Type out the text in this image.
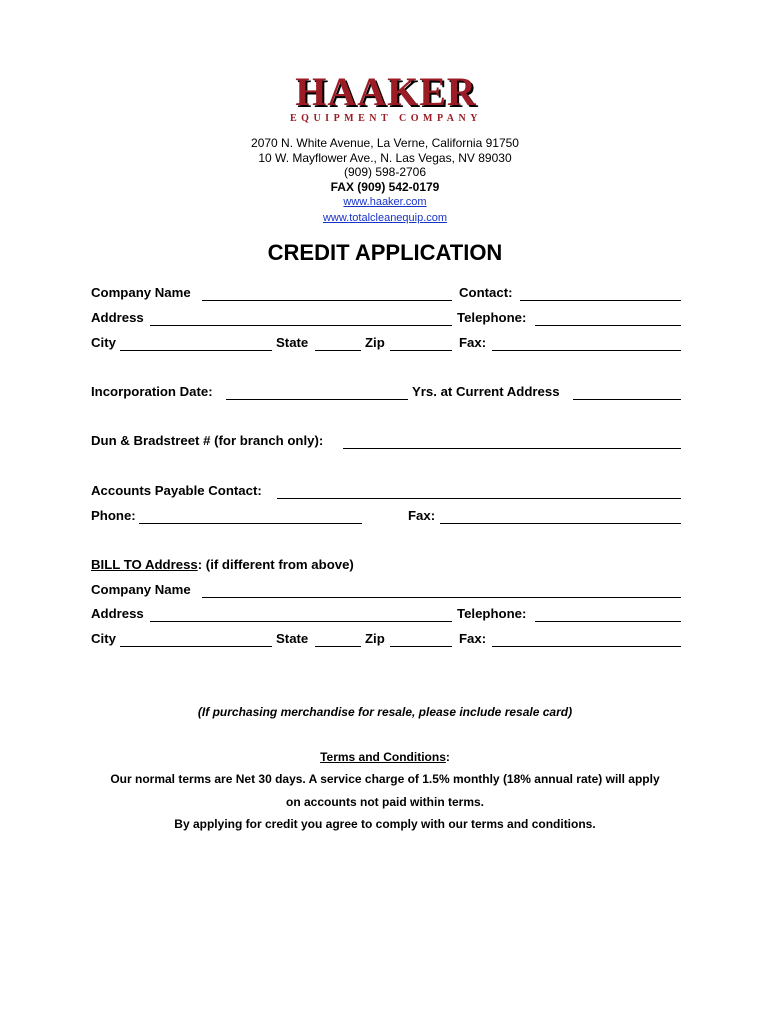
HAAKER
EQUIPMENT COMPANY
2070 N. White Avenue, La Verne, California 91750
10 W. Mayflower Ave., N. Las Vegas, NV 89030
(909) 598-2706
FAX (909) 542-0179
www.haaker.com
www.totalcleanequip.com
CREDIT APPLICATION
Company Name	Contact:
Address	Telephone:
City	State	Zip	Fax:
Incorporation Date:	Yrs. at Current Address
Dun & Bradstreet # (for branch only):
Accounts Payable Contact:
Phone:	Fax:
BILL TO Address: (if different from above)
Company Name
Address	Telephone:
City	State	Zip	Fax:
(If purchasing merchandise for resale, please include resale card)
Terms and Conditions:
Our normal terms are Net 30 days. A service charge of 1.5% monthly (18% annual rate) will apply
on accounts not paid within terms.
By applying for credit you agree to comply with our terms and conditions.
